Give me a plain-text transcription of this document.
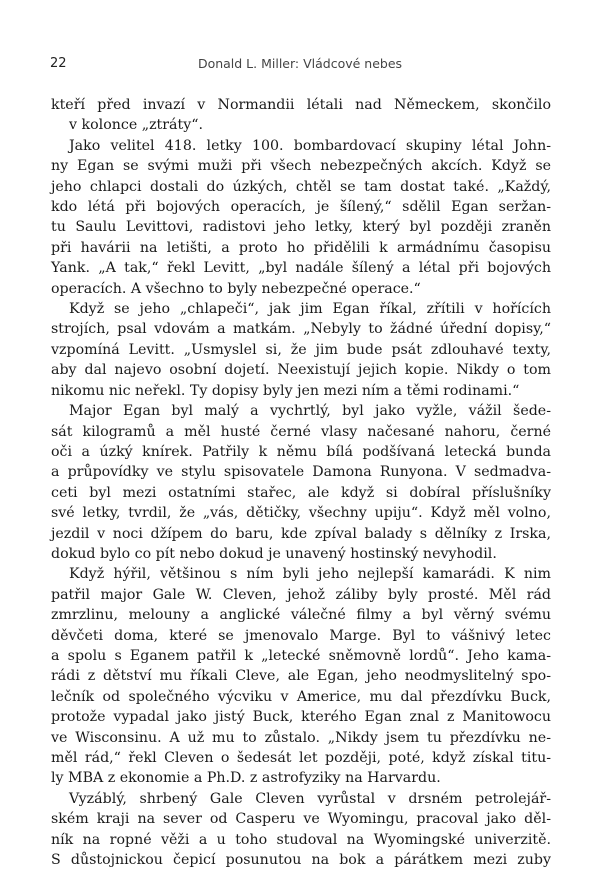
22	Donald L. Miller: Vládcové nebes
kteří před invazí v Normandii létali nad Německem, skončilo
v koloncе „ztráty“.
Jako velitel 418. letky 100. bombardovací skupiny létal John-
ny Egan se svými muži při všech nebezpečných akcích. Když se
jeho chlapci dostali do úzkých, chtěl se tam dostat také. „Každý,
kdo létá při bojových operacích, je šílený,“ sdělil Egan seržan-
tu Saulu Levittovi, radistovi jeho letky, který byl později zraněn
při havárii na letišti, a proto ho přidělili k armádnímu časopisu
Yank. „A tak,“ řekl Levitt, „byl nadále šílený a létal při bojových
operacích. A všechno to byly nebezpečné operace.“
Když se jeho „chlapeči“, jak jim Egan říkal, zřítili v hořících
strojích, psal vdovám a matkám. „Nebyly to žádné úřední dopisy,“
vzpomíná Levitt. „Usmyslel si, že jim bude psát zdlouhavé texty,
aby dal najevo osobní dojetí. Neexistují jejich kopie. Nikdy o tom
nikomu nic neřekl. Ty dopisy byly jen mezi ním a těmi rodinami.“
Major Egan byl malý a vychrtlý, byl jako vyžle, vážil šede-
sát kilogramů a měl husté černé vlasy načesané nahoru, černé
oči a úzký knírek. Patřily k němu bílá podšívaná letecká bunda
a průpovídky ve stylu spisovatele Damona Runyona. V sedmadva-
ceti byl mezi ostatními stařec, ale když si dobíral příslušníky
své letky, tvrdil, že „vás, dětičky, všechny upiju“. Když měl volno,
jezdil v noci džípem do baru, kde zpíval balady s dělníky z Irska,
dokud bylo co pít nebo dokud je unavený hostinský nevyhodil.
Když hýřil, většinou s ním byli jeho nejlepší kamarádi. K nim
patřil major Gale W. Cleven, jehož záliby byly prosté. Měl rád
zmrzlinu, melouny a anglické válečné filmy a byl věrný svému
děvčeti doma, které se jmenovalo Marge. Byl to vášnivý letec
a spolu s Eganem patřil k „letecké sněmovně lordů“. Jeho kama-
rádi z dětství mu říkali Cleve, ale Egan, jeho neodmyslitelný spo-
lečník od společného výcviku v Americe, mu dal přezdívku Buck,
protože vypadal jako jistý Buck, kterého Egan znal z Manitowocu
ve Wisconsinu. A už mu to zůstalo. „Nikdy jsem tu přezdívku ne-
měl rád,“ řekl Cleven o šedesát let později, poté, když získal titu-
ly MBA z ekonomie a Ph.D. z astrofyziky na Harvardu.
Vyzáblý, shrbený Gale Cleven vyrůstal v drsném petrolejář-
ském kraji na sever od Casperu ve Wyomingu, pracoval jako děl-
ník na ropné věži a u toho studoval na Wyomingské univerzitě.
S důstojnickou čepicí posunutou na bok a párátkem mezi zuby
